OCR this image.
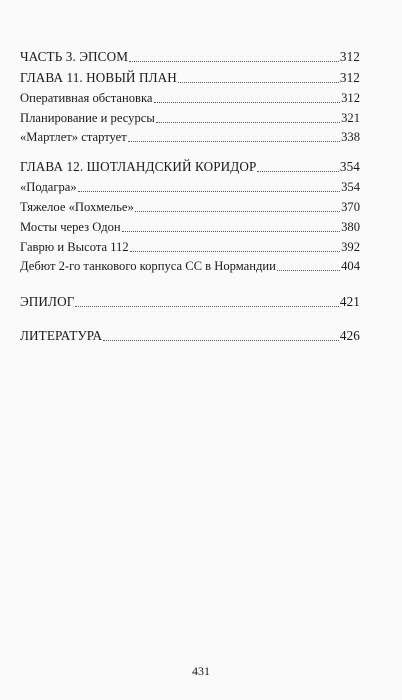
ЧАСТЬ 3. ЭПСОМ	312
ГЛАВА 11. НОВЫЙ ПЛАН	312
Оперативная обстановка	312
Планирование и ресурсы	321
«Мартлет» стартует	338
ГЛАВА 12. ШОТЛАНДСКИЙ КОРИДОР	354
«Подагра»	354
Тяжелое «Похмелье»	370
Мосты через Одон	380
Гаврю и Высота 112	392
Дебют 2-го танкового корпуса СС в Нормандии	404
ЭПИЛОГ	421
ЛИТЕРАТУРА	426
431
